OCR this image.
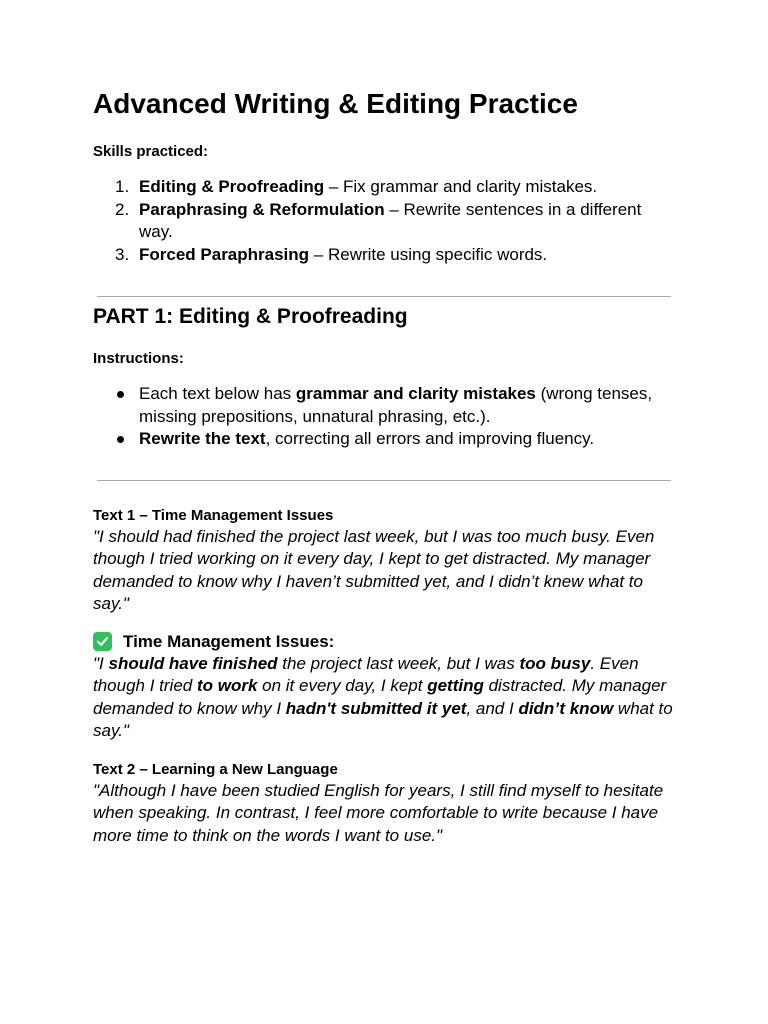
Advanced Writing & Editing Practice
Skills practiced:
1. Editing & Proofreading – Fix grammar and clarity mistakes.
2. Paraphrasing & Reformulation – Rewrite sentences in a different way.
3. Forced Paraphrasing – Rewrite using specific words.
PART 1: Editing & Proofreading
Instructions:
Each text below has grammar and clarity mistakes (wrong tenses, missing prepositions, unnatural phrasing, etc.).
Rewrite the text, correcting all errors and improving fluency.
Text 1 – Time Management Issues

"I should had finished the project last week, but I was too much busy. Even though I tried working on it every day, I kept to get distracted. My manager demanded to know why I haven’t submitted yet, and I didn’t knew what to say."

Time Management Issues:

"I should have finished the project last week, but I was too busy. Even though I tried to work on it every day, I kept getting distracted. My manager demanded to know why I hadn't submitted it yet, and I didn’t know what to say."

Text 2 – Learning a New Language

"Although I have been studied English for years, I still find myself to hesitate when speaking. In contrast, I feel more comfortable to write because I have more time to think on the words I want to use."
